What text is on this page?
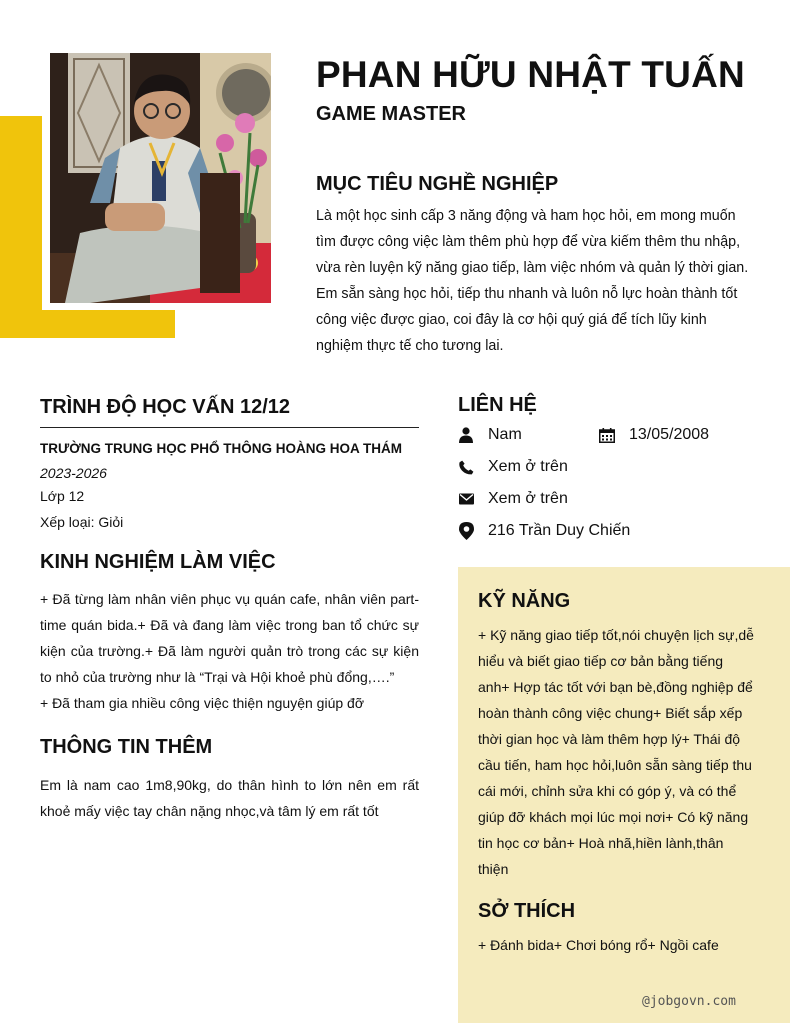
PHAN HỮU NHẬT TUẤN
GAME MASTER
MỤC TIÊU NGHỀ NGHIỆP
Là một học sinh cấp 3 năng động và ham học hỏi, em mong muốn tìm được công việc làm thêm phù hợp để vừa kiếm thêm thu nhập, vừa rèn luyện kỹ năng giao tiếp, làm việc nhóm và quản lý thời gian. Em sẵn sàng học hỏi, tiếp thu nhanh và luôn nỗ lực hoàn thành tốt công việc được giao, coi đây là cơ hội quý giá để tích lũy kinh nghiệm thực tế cho tương lai.
TRÌNH ĐỘ HỌC VẤN 12/12
TRƯỜNG TRUNG HỌC PHỔ THÔNG HOÀNG HOA THÁM
2023-2026
Lớp 12
Xếp loại: Giỏi
KINH NGHIỆM LÀM VIỆC
+ Đã từng làm nhân viên phục vụ quán cafe, nhân viên part-time quán bida.+ Đã và đang làm việc trong ban tổ chức sự kiện của trường.+ Đã làm người quản trò trong các sự kiện to nhỏ của trường như là “Trại và Hội khoẻ phù đổng,….”
+ Đã tham gia nhiều công việc thiện nguyện giúp đỡ
THÔNG TIN THÊM
Em là nam cao 1m8,90kg, do thân hình to lớn nên em rất khoẻ mấy việc tay chân nặng nhọc,và tâm lý em rất tốt
LIÊN HỆ
Nam	13/05/2008
Xem ở trên
Xem ở trên
216 Trần Duy Chiến
KỸ NĂNG
+ Kỹ năng giao tiếp tốt,nói chuyện lịch sự,dễ hiểu và biết giao tiếp cơ bản bằng tiếng anh+ Hợp tác tốt với bạn bè,đồng nghiệp để hoàn thành công việc chung+ Biết sắp xếp thời gian học và làm thêm hợp lý+ Thái độ cầu tiến, ham học hỏi,luôn sẵn sàng tiếp thu cái mới, chỉnh sửa khi có góp ý, và có thể giúp đỡ khách mọi lúc mọi nơi+ Có kỹ năng tin học cơ bản+ Hoà nhã,hiền lành,thân thiện
SỞ THÍCH
+ Đánh bida+ Chơi bóng rổ+ Ngồi cafe
@jobgovn.com
